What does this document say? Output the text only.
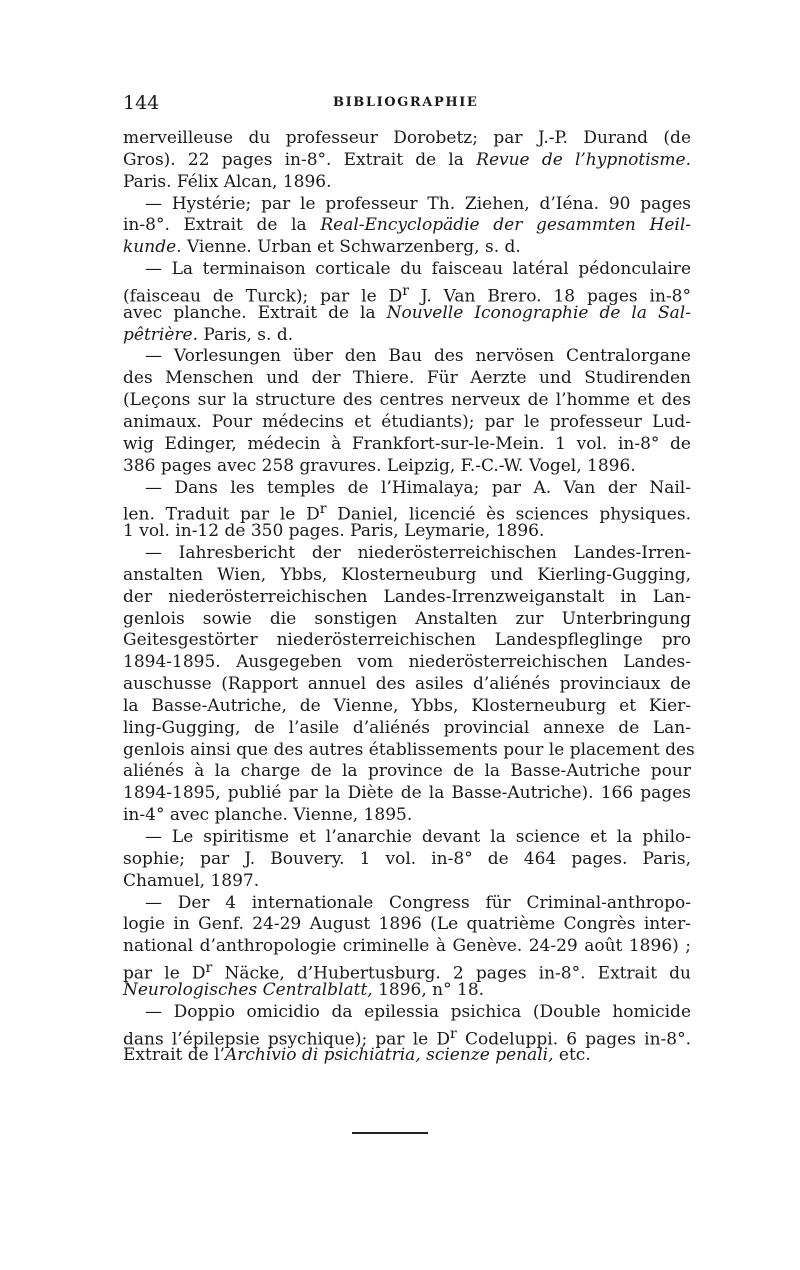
144	BIBLIOGRAPHIE
merveilleuse du professeur Dorobetz; par J.-P. Durand (de
Gros). 22 pages in-8°. Extrait de la Revue de l’hypnotisme.
Paris. Félix Alcan, 1896.
— Hystérie; par le professeur Th. Ziehen, d’Iéna. 90 pages
in-8°. Extrait de la Real-Encyclopädie der gesammten Heil-
kunde. Vienne. Urban et Schwarzenberg, s. d.
— La terminaison corticale du faisceau latéral pédonculaire
(faisceau de Turck); par le $D^r$ J. Van Brero. 18 pages in-8°
avec planche. Extrait de la Nouvelle Iconographie de la Sal-
pêtrière. Paris, s. d.
— Vorlesungen über den Bau des nervösen Centralorgane
des Menschen und der Thiere. Für Aerzte und Studirenden
(Leçons sur la structure des centres nerveux de l’homme et des
animaux. Pour médecins et étudiants); par le professeur Lud-
wig Edinger, médecin à Frankfort-sur-le-Mein. 1 vol. in-8° de
386 pages avec 258 gravures. Leipzig, F.-C.-W. Vogel, 1896.
— Dans les temples de l’Himalaya; par A. Van der Nail-
len. Traduit par le $D^r$ Daniel, licencié ès sciences physiques.
1 vol. in-12 de 350 pages. Paris, Leymarie, 1896.
— Iahresbericht der niederösterreichischen Landes-Irren-
anstalten Wien, Ybbs, Klosterneuburg und Kierling-Gugging,
der niederösterreichischen Landes-Irrenzweiganstalt in Lan-
genlois sowie die sonstigen Anstalten zur Unterbringung
Geitesgestörter niederösterreichischen Landespfleglinge pro
1894-1895. Ausgegeben vom niederösterreichischen Landes-
auschusse (Rapport annuel des asiles d’aliénés provinciaux de
la Basse-Autriche, de Vienne, Ybbs, Klosterneuburg et Kier-
ling-Gugging, de l’asile d’aliénés provincial annexe de Lan-
genlois ainsi que des autres établissements pour le placement des
aliénés à la charge de la province de la Basse-Autriche pour
1894-1895, publié par la Diète de la Basse-Autriche). 166 pages
in-4° avec planche. Vienne, 1895.
— Le spiritisme et l’anarchie devant la science et la philo-
sophie; par J. Bouvery. 1 vol. in-8° de 464 pages. Paris,
Chamuel, 1897.
— Der 4 internationale Congress für Criminal-anthropo-
logie in Genf. 24-29 August 1896 (Le quatrième Congrès inter-
national d’anthropologie criminelle à Genève. 24-29 août 1896) ;
par le $D^r$ Näcke, d’Hubertusburg. 2 pages in-8°. Extrait du
Neurologisches Centralblatt, 1896, n° 18.
— Doppio omicidio da epilessia psichica (Double homicide
dans l’épilepsie psychique); par le $D^r$ Codeluppi. 6 pages in-8°.
Extrait de l’Archivio di psichiatria, scienze penali, etc.
